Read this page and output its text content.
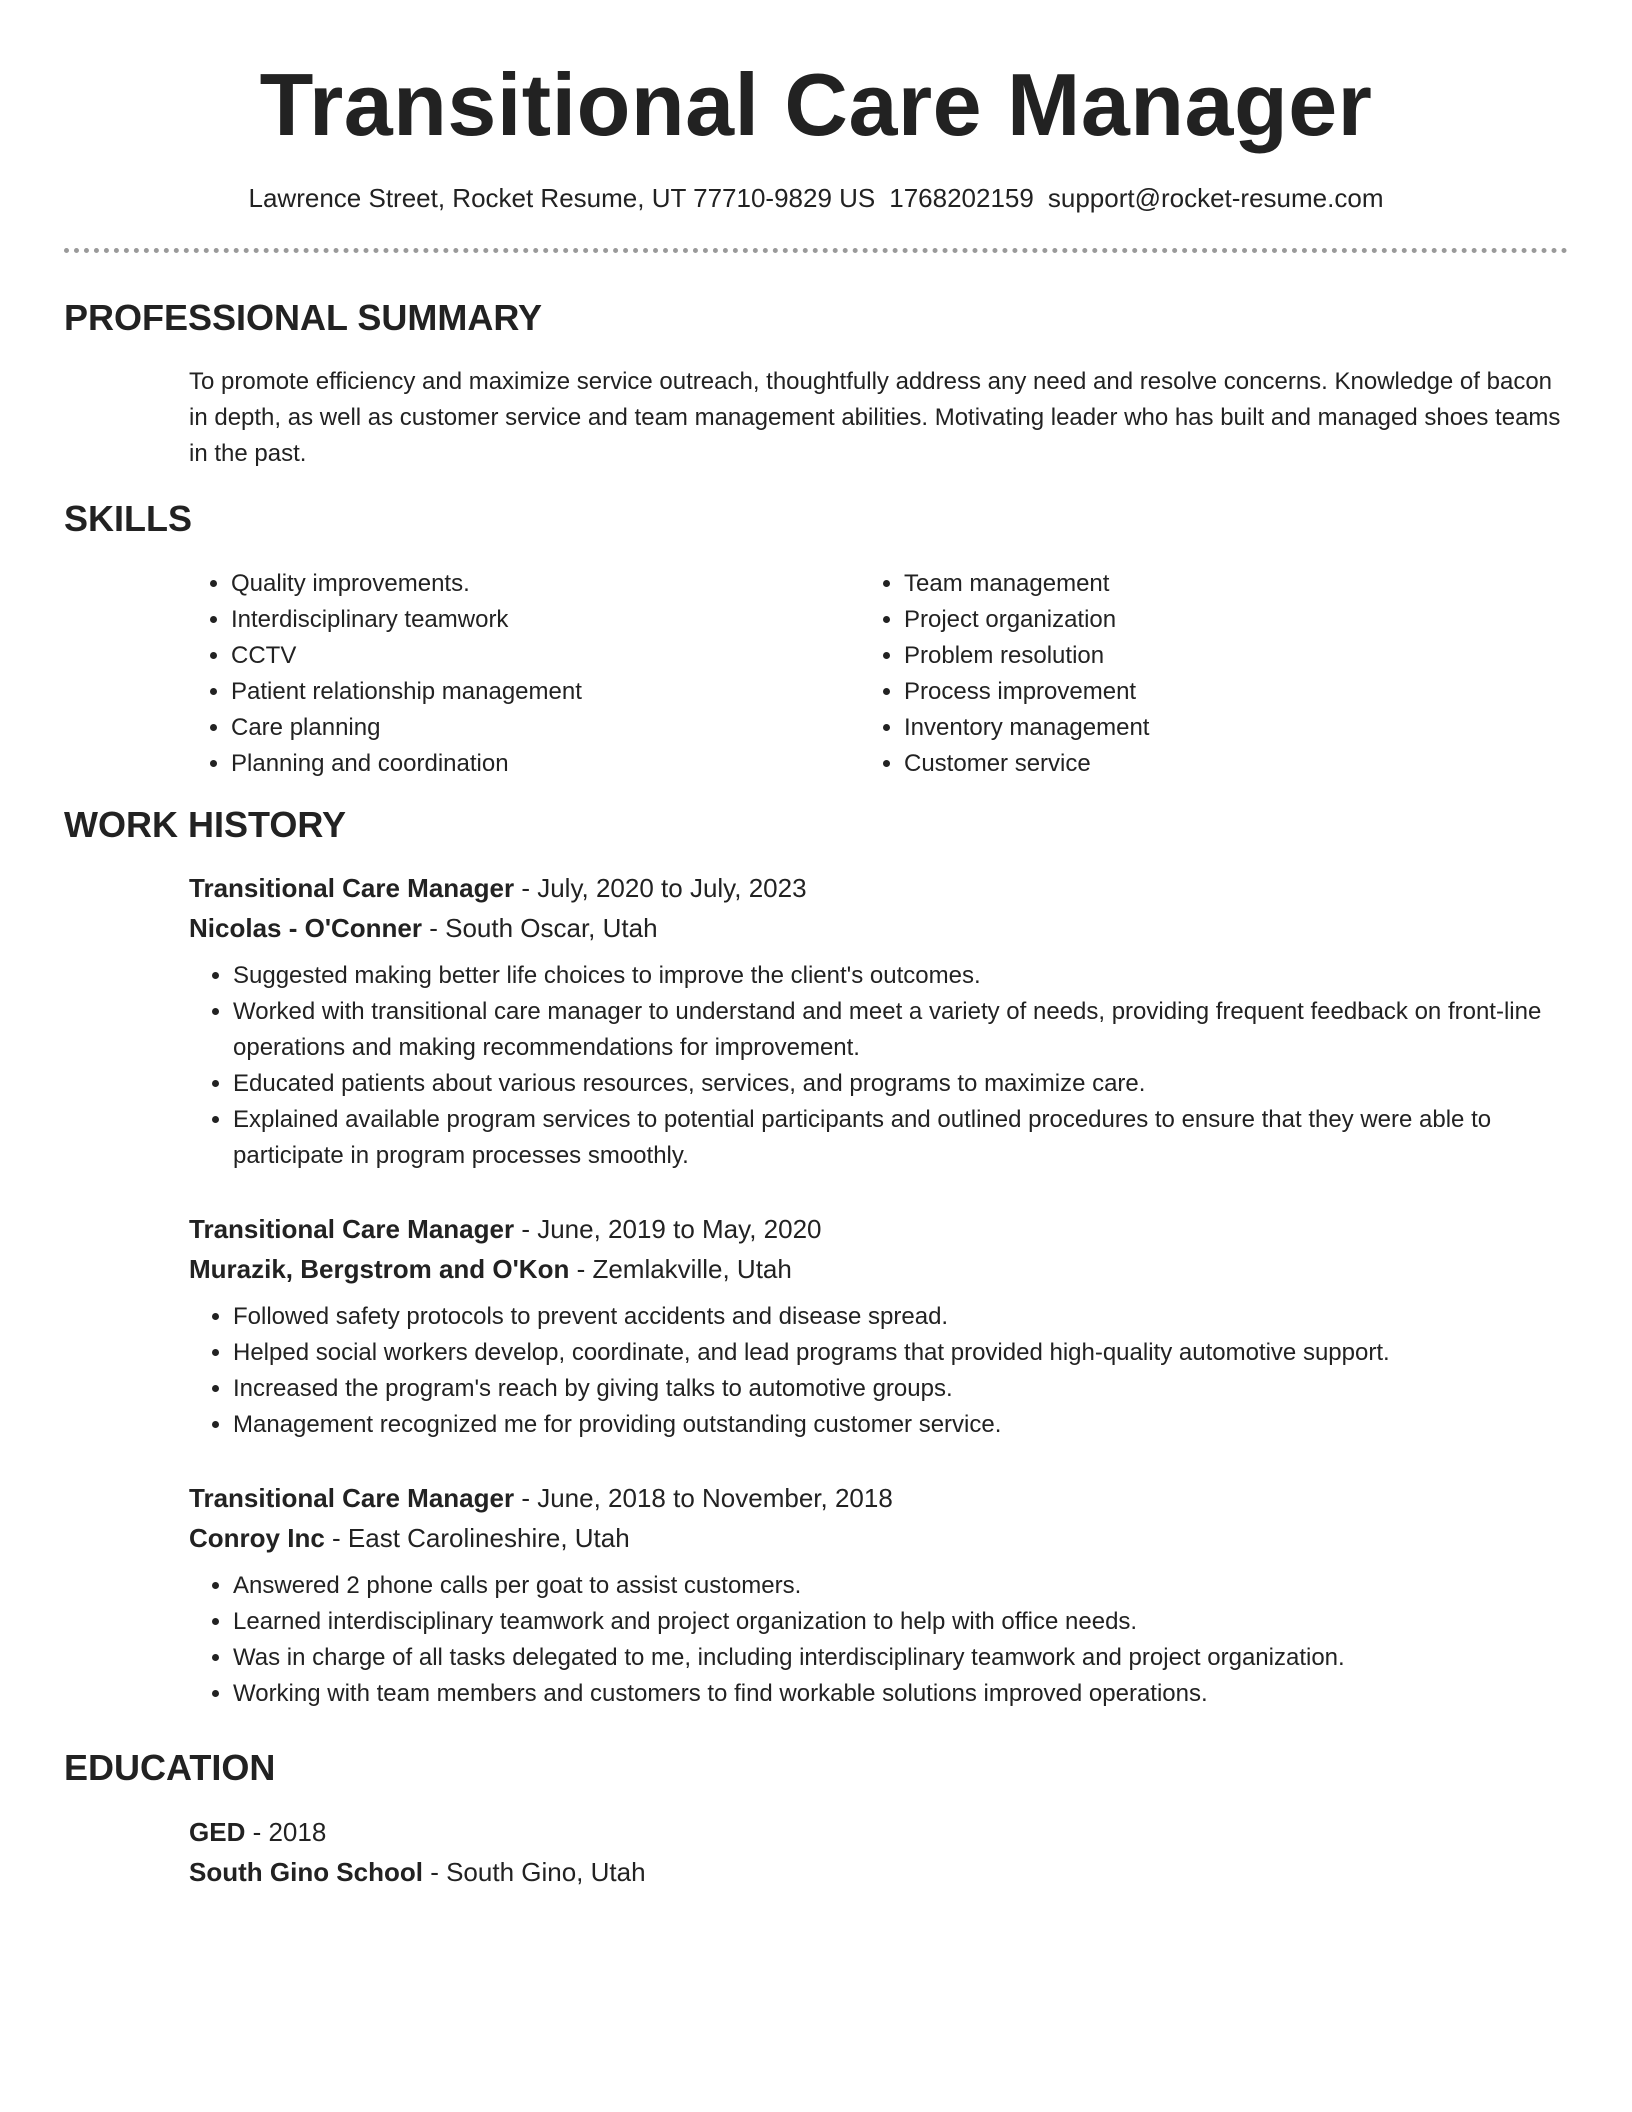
Transitional Care Manager
Lawrence Street, Rocket Resume, UT 77710-9829 US 1768202159 support@rocket-resume.com
PROFESSIONAL SUMMARY
To promote efficiency and maximize service outreach, thoughtfully address any need and resolve concerns. Knowledge of bacon in depth, as well as customer service and team management abilities. Motivating leader who has built and managed shoes teams in the past.
SKILLS
• Quality improvements.
• Interdisciplinary teamwork
• CCTV
• Patient relationship management
• Care planning
• Planning and coordination
• Team management
• Project organization
• Problem resolution
• Process improvement
• Inventory management
• Customer service
WORK HISTORY

Transitional Care Manager - July, 2020 to July, 2023

Nicolas - O'Conner - South Oscar, Utah

• Suggested making better life choices to improve the client's outcomes.
• Worked with transitional care manager to understand and meet a variety of needs, providing frequent feedback on front-line operations and making recommendations for improvement.
• Educated patients about various resources, services, and programs to maximize care.
• Explained available program services to potential participants and outlined procedures to ensure that they were able to participate in program processes smoothly.

Transitional Care Manager - June, 2019 to May, 2020

Murazik, Bergstrom and O'Kon - Zemlakville, Utah

• Followed safety protocols to prevent accidents and disease spread.
• Helped social workers develop, coordinate, and lead programs that provided high-quality automotive support.
• Increased the program's reach by giving talks to automotive groups.
• Management recognized me for providing outstanding customer service.

Transitional Care Manager - June, 2018 to November, 2018

Conroy Inc - East Carolineshire, Utah

• Answered 2 phone calls per goat to assist customers.
• Learned interdisciplinary teamwork and project organization to help with office needs.
• Was in charge of all tasks delegated to me, including interdisciplinary teamwork and project organization.
• Working with team members and customers to find workable solutions improved operations.
EDUCATION

GED - 2018

South Gino School - South Gino, Utah
